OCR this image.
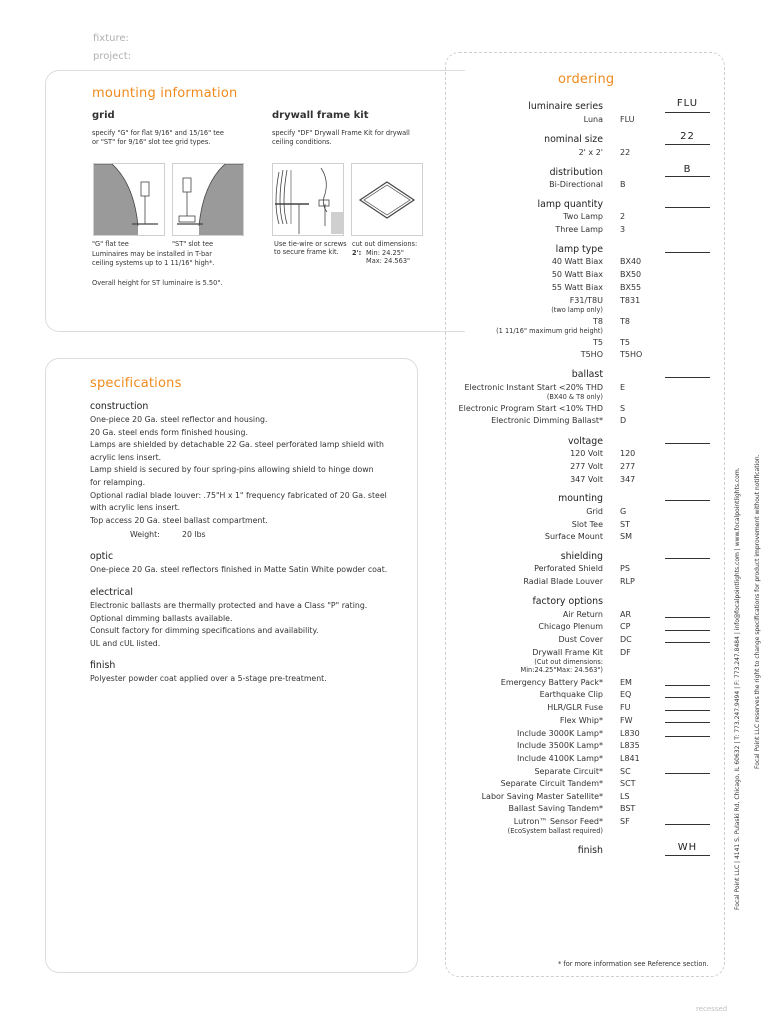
fixture:
project:
mounting information
grid
specify "G" for flat 9/16" and 15/16" tee
or "ST" for 9/16" slot tee grid types.
drywall frame kit
specify "DF" Drywall Frame Kit for drywall
ceiling conditions.
"G" flat tee	"ST" slot tee
Luminaires may be installed in T-bar
ceiling systems up to 1 11/16" high*.
Overall height for ST luminaire is 5.50".
Use tie-wire or screws
to secure frame kit.
cut out dimensions:
2': Min: 24.25"
Max: 24.563"
specifications
construction
One-piece 20 Ga. steel reflector and housing.
20 Ga. steel ends form finished housing.
Lamps are shielded by detachable 22 Ga. steel perforated lamp shield with
acrylic lens insert.
Lamp shield is secured by four spring-pins allowing shield to hinge down
for relamping.
Optional radial blade louver: .75"H x 1" frequency fabricated of 20 Ga. steel
with acrylic lens insert.
Top access 20 Ga. steel ballast compartment.
Weight:	20 lbs
optic
One-piece 20 Ga. steel reflectors finished in Matte Satin White powder coat.
electrical
Electronic ballasts are thermally protected and have a Class "P" rating.
Optional dimming ballasts available.
Consult factory for dimming specifications and availability.
UL and cUL listed.
finish
Polyester powder coat applied over a 5-stage pre-treatment.
ordering
luminaire series	FLU
Luna FLU
nominal size	22
2' x 2' 22
distribution	B
Bi-Directional B
lamp quantity
Two Lamp 2
Three Lamp 3
lamp type
40 Watt Biax BX40
50 Watt Biax BX50
55 Watt Biax BX55
F31/T8U T831
(two lamp only)
T8 T8
(1 11/16" maximum grid height)
T5 T5
T5HO T5HO
ballast
Electronic Instant Start <20% THD E
(BX40 & T8 only)
Electronic Program Start <10% THD S
Electronic Dimming Ballast* D
voltage
120 Volt 120
277 Volt 277
347 Volt 347
mounting
Grid G
Slot Tee ST
Surface Mount SM
shielding
Perforated Shield PS
Radial Blade Louver RLP
factory options
Air Return AR
Chicago Plenum CP
Dust Cover DC
Drywall Frame Kit DF
(Cut out dimensions:
Min:24.25"Max: 24.563")
Emergency Battery Pack* EM
Earthquake Clip EQ
HLR/GLR Fuse FU
Flex Whip* FW
Include 3000K Lamp* L830
Include 3500K Lamp* L835
Include 4100K Lamp* L841
Separate Circuit* SC
Separate Circuit Tandem* SCT
Labor Saving Master Satellite* LS
Ballast Saving Tandem* BST
Lutron™ Sensor Feed* SF
(EcoSystem ballast required)
finish	WH
* for more information see Reference section.
Focal Point LLC | 4141 S. Pulaski Rd, Chicago, IL 60632 | T: 773.247.9494 | F: 773.247.8484 | info@focalpointlights.com | www.focalpointlights.com. Focal Point LLC reserves the right to change specifications for product improvement without notification.
recessed
